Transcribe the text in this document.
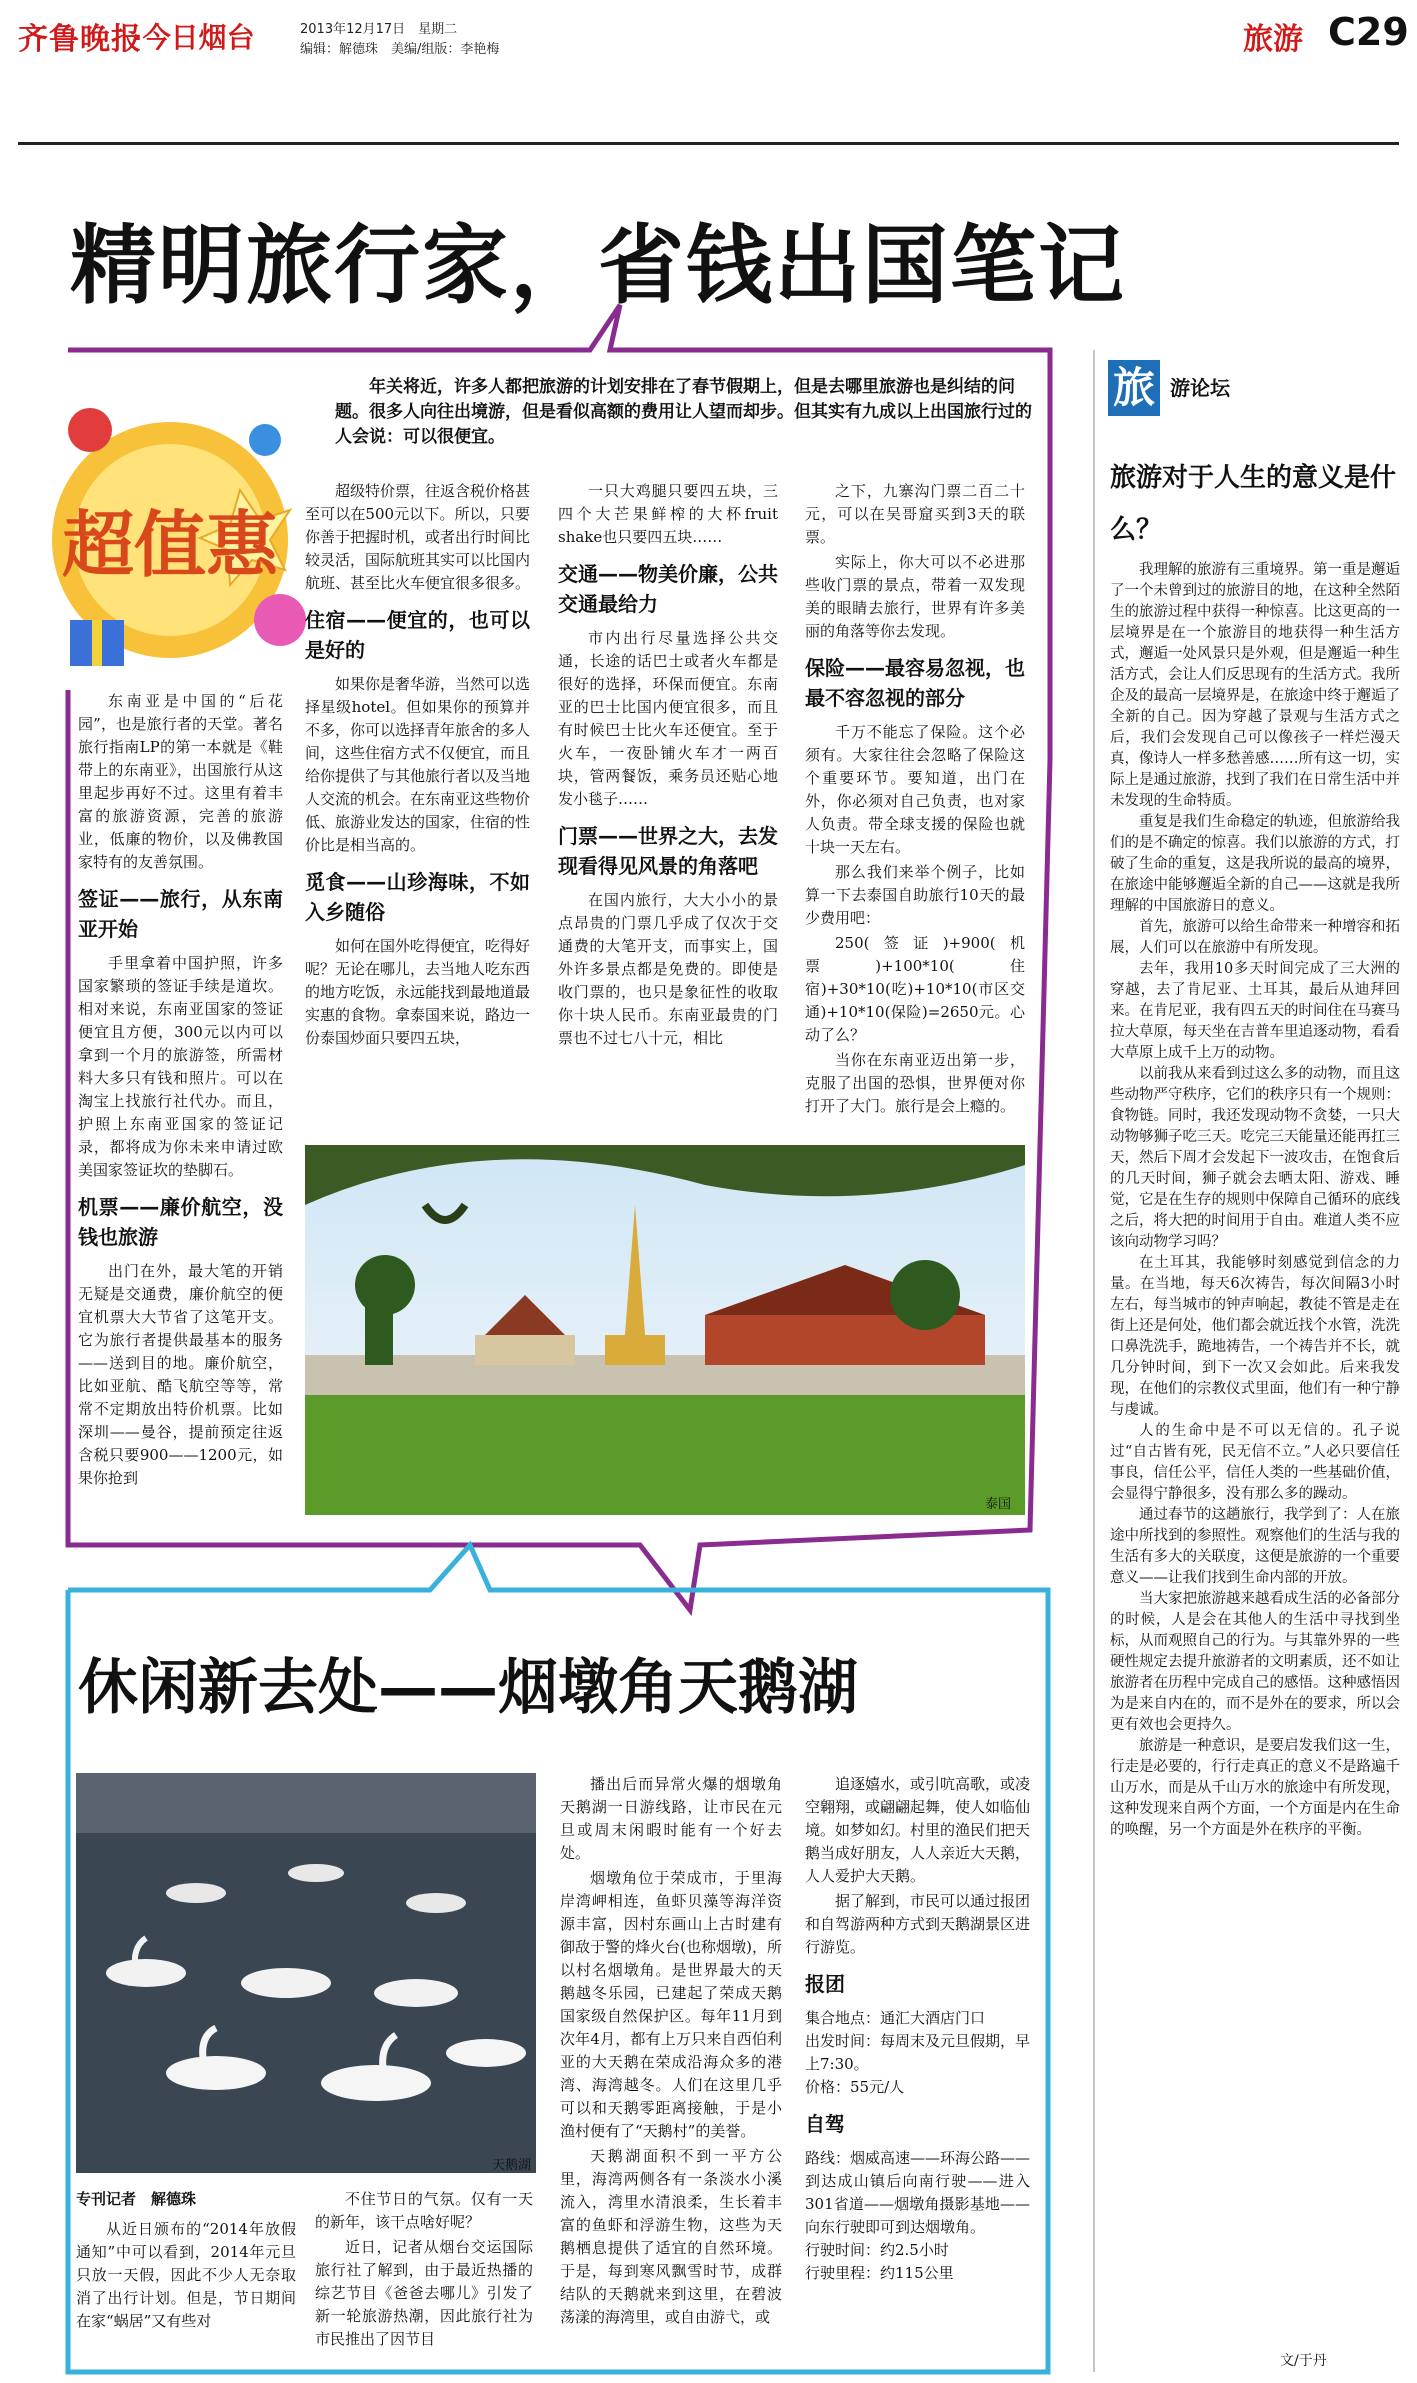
齐鲁晚报
·今日烟台	2013年12月17日　星期二
编辑：解德珠　美编/组版：李艳梅	旅游 C29
精明旅行家，省钱出国笔记
超值惠
年关将近，许多人都把旅游的计划安排在了春节假期上，但是去哪里旅游也是纠结的问题。很多人向往出境游，但是看似高额的费用让人望而却步。但其实有九成以上出国旅行过的人会说：可以很便宜。

东南亚是中国的“后花园”，也是旅行者的天堂。著名旅行指南LP的第一本就是《鞋带上的东南亚》，出国旅行从这里起步再好不过。这里有着丰富的旅游资源，完善的旅游业，低廉的物价，以及佛教国家特有的友善氛围。

签证——旅行，从东南亚开始

手里拿着中国护照，许多国家繁琐的签证手续是道坎。相对来说，东南亚国家的签证便宜且方便，300元以内可以拿到一个月的旅游签，所需材料大多只有钱和照片。可以在淘宝上找旅行社代办。而且，护照上东南亚国家的签证记录，都将成为你未来申请过欧美国家签证坎的垫脚石。

机票——廉价航空，没钱也旅游

出门在外，最大笔的开销无疑是交通费，廉价航空的便宜机票大大节省了这笔开支。它为旅行者提供最基本的服务——送到目的地。廉价航空，比如亚航、酷飞航空等等，常常不定期放出特价机票。比如深圳——曼谷，提前预定往返含税只要900——1200元，如果你抢到

超级特价票，往返含税价格甚至可以在500元以下。所以，只要你善于把握时机，或者出行时间比较灵活，国际航班其实可以比国内航班、甚至比火车便宜很多很多。

住宿——便宜的，也可以是好的

如果你是奢华游，当然可以选择星级hotel。但如果你的预算并不多，你可以选择青年旅舍的多人间，这些住宿方式不仅便宜，而且给你提供了与其他旅行者以及当地人交流的机会。在东南亚这些物价低、旅游业发达的国家，住宿的性价比是相当高的。

觅食——山珍海味，不如入乡随俗

如何在国外吃得便宜，吃得好呢？无论在哪儿，去当地人吃东西的地方吃饭，永远能找到最地道最实惠的食物。拿泰国来说，路边一份泰国炒面只要四五块，

一只大鸡腿只要四五块，三四个大芒果鲜榨的大杯fruit shake也只要四五块……

交通——物美价廉，公共交通最给力

市内出行尽量选择公共交通，长途的话巴士或者火车都是很好的选择，环保而便宜。东南亚的巴士比国内便宜很多，而且有时候巴士比火车还便宜。至于火车，一夜卧铺火车才一两百块，管两餐饭，乘务员还贴心地发小毯子……

门票——世界之大，去发现看得见风景的角落吧

在国内旅行，大大小小的景点昂贵的门票几乎成了仅次于交通费的大笔开支，而事实上，国外许多景点都是免费的。即使是收门票的，也只是象征性的收取你十块人民币。东南亚最贵的门票也不过七八十元，相比

之下，九寨沟门票二百二十元，可以在吴哥窟买到3天的联票。

实际上，你大可以不必进那些收门票的景点，带着一双发现美的眼睛去旅行，世界有许多美丽的角落等你去发现。

保险——最容易忽视，也最不容忽视的部分

千万不能忘了保险。这个必须有。大家往往会忽略了保险这个重要环节。要知道，出门在外，你必须对自己负责，也对家人负责。带全球支援的保险也就十块一天左右。

那么我们来举个例子，比如算一下去泰国自助旅行10天的最少费用吧：

250(签证)+900(机票)+100*10(住宿)+30*10(吃)+10*10(市区交通)+10*10(保险)=2650元。心动了么？

当你在东南亚迈出第一步，克服了出国的恐惧，世界便对你打开了大门。旅行是会上瘾的。

泰国
休闲新去处——烟墩角天鹅湖
天鹅湖
专刊记者　解德珠

从近日颁布的“2014年放假通知”中可以看到，2014年元旦只放一天假，因此不少人无奈取消了出行计划。但是，节日期间在家“蜗居”又有些对

不住节日的气氛。仅有一天的新年，该干点啥好呢？

近日，记者从烟台交运国际旅行社了解到，由于最近热播的综艺节目《爸爸去哪儿》引发了新一轮旅游热潮，因此旅行社为市民推出了因节目

播出后而异常火爆的烟墩角天鹅湖一日游线路，让市民在元旦或周末闲暇时能有一个好去处。

烟墩角位于荣成市，于里海岸湾岬相连，鱼虾贝藻等海洋资源丰富，因村东画山上古时建有御敌于警的烽火台(也称烟墩)，所以村名烟墩角。是世界最大的天鹅越冬乐园，已建起了荣成天鹅国家级自然保护区。每年11月到次年4月，都有上万只来自西伯利亚的大天鹅在荣成沿海众多的港湾、海湾越冬。人们在这里几乎可以和天鹅零距离接触，于是小渔村便有了“天鹅村”的美誉。

天鹅湖面积不到一平方公里，海湾两侧各有一条淡水小溪流入，湾里水清浪柔，生长着丰富的鱼虾和浮游生物，这些为天鹅栖息提供了适宜的自然环境。于是，每到寒风飘雪时节，成群结队的天鹅就来到这里，在碧波荡漾的海湾里，或自由游弋，或

追逐嬉水，或引吭高歌，或凌空翱翔，或翩翩起舞，使人如临仙境。如梦如幻。村里的渔民们把天鹅当成好朋友，人人亲近大天鹅，人人爱护大天鹅。

据了解到，市民可以通过报团和自驾游两种方式到天鹅湖景区进行游览。

报团
集合地点：通汇大酒店门口
出发时间：每周末及元旦假期，早上7:30。
价格：55元/人
自驾
路线：烟威高速——环海公路——到达成山镇后向南行驶——进入301省道——烟墩角摄影基地——向东行驶即可到达烟墩角。
行驶时间：约2.5小时
行驶里程：约115公里
旅 游论坛
旅游对于人生的意义是什么？

我理解的旅游有三重境界。第一重是邂逅了一个未曾到过的旅游目的地，在这种全然陌生的旅游过程中获得一种惊喜。比这更高的一层境界是在一个旅游目的地获得一种生活方式，邂逅一处风景只是外观，但是邂逅一种生活方式，会让人们反思现有的生活方式。我所企及的最高一层境界是，在旅途中终于邂逅了全新的自己。因为穿越了景观与生活方式之后，我们会发现自己可以像孩子一样烂漫天真，像诗人一样多愁善感……所有这一切，实际上是通过旅游，找到了我们在日常生活中并未发现的生命特质。

重复是我们生命稳定的轨迹，但旅游给我们的是不确定的惊喜。我们以旅游的方式，打破了生命的重复，这是我所说的最高的境界，在旅途中能够邂逅全新的自己——这就是我所理解的中国旅游日的意义。

首先，旅游可以给生命带来一种增容和拓展，人们可以在旅游中有所发现。

去年，我用10多天时间完成了三大洲的穿越，去了肯尼亚、土耳其，最后从迪拜回来。在肯尼亚，我有四五天的时间住在马赛马拉大草原，每天坐在吉普车里追逐动物，看看大草原上成千上万的动物。

以前我从来看到过这么多的动物，而且这些动物严守秩序，它们的秩序只有一个规则：食物链。同时，我还发现动物不贪婪，一只大动物够狮子吃三天。吃完三天能量还能再扛三天，然后下周才会发起下一波攻击，在饱食后的几天时间，狮子就会去晒太阳、游戏、睡觉，它是在生存的规则中保障自己循环的底线之后，将大把的时间用于自由。难道人类不应该向动物学习吗？

在土耳其，我能够时刻感觉到信念的力量。在当地，每天6次祷告，每次间隔3小时左右，每当城市的钟声响起，教徒不管是走在街上还是何处，他们都会就近找个水管，洗洗口鼻洗洗手，跪地祷告，一个祷告并不长，就几分钟时间，到下一次又会如此。后来我发现，在他们的宗教仪式里面，他们有一种宁静与虔诚。

人的生命中是不可以无信的。孔子说过“自古皆有死，民无信不立。”人必只要信任事良，信任公平，信任人类的一些基础价值，会显得宁静很多，没有那么多的躁动。

通过春节的这趟旅行，我学到了：人在旅途中所找到的参照性。观察他们的生活与我的生活有多大的关联度，这便是旅游的一个重要意义——让我们找到生命内部的开放。

当大家把旅游越来越看成生活的必备部分的时候，人是会在其他人的生活中寻找到坐标，从而观照自己的行为。与其靠外界的一些硬性规定去提升旅游者的文明素质，还不如让旅游者在历程中完成自己的感悟。这种感悟因为是来自内在的，而不是外在的要求，所以会更有效也会更持久。

旅游是一种意识，是要启发我们这一生，行走是必要的，行行走真正的意义不是路遍千山万水，而是从千山万水的旅途中有所发现，这种发现来自两个方面，一个方面是内在生命的唤醒，另一个方面是外在秩序的平衡。

文/于丹
